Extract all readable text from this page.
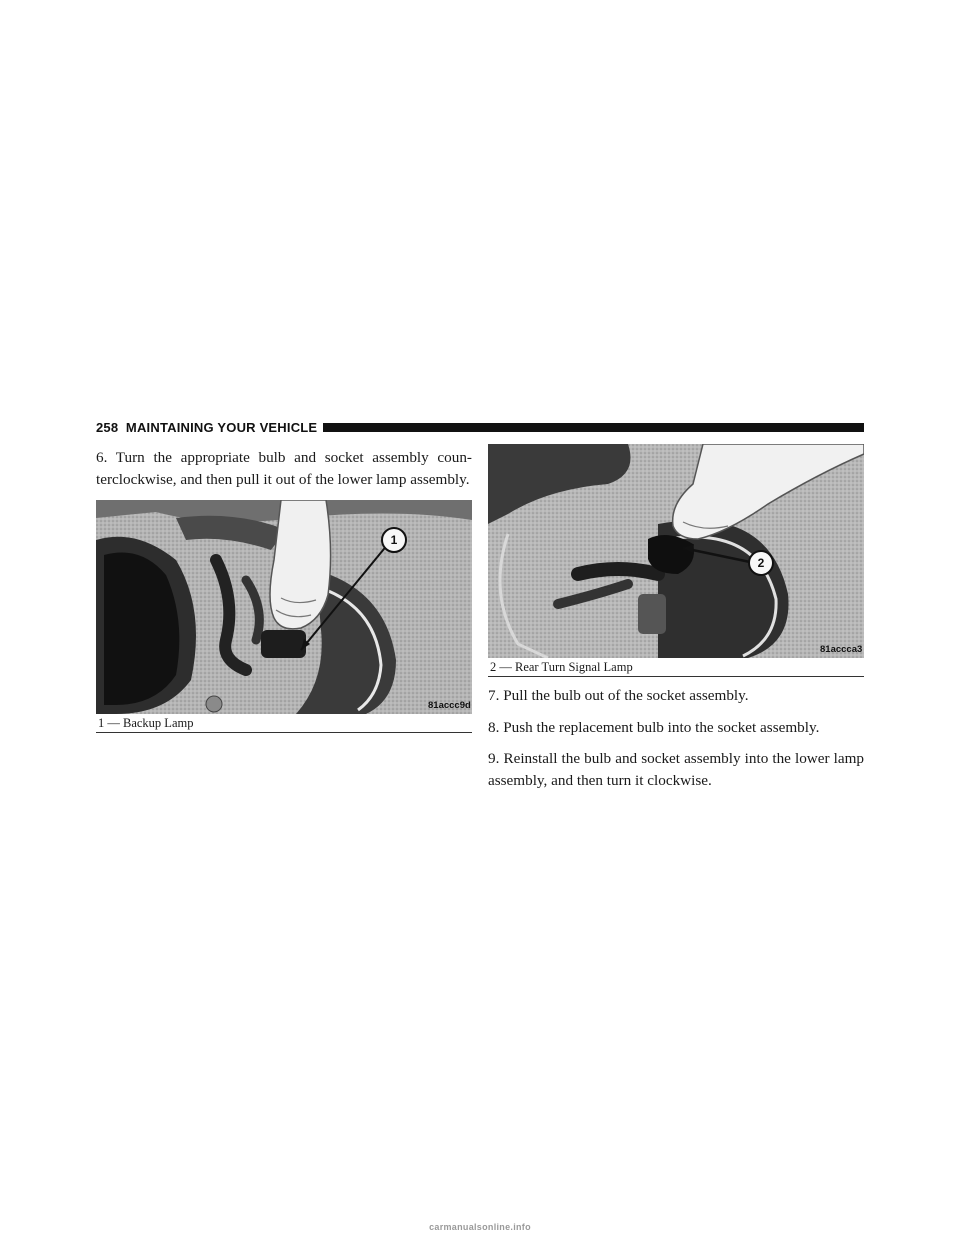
258 MAINTAINING YOUR VEHICLE

6. Turn the appropriate bulb and socket assembly coun- terclockwise, and then pull it out of the lower lamp assembly.

1
81accc9d
1 — Backup Lamp
2
81accca3
2 — Rear Turn Signal Lamp

7. Pull the bulb out of the socket assembly.

8. Push the replacement bulb into the socket assembly.

9. Reinstall the bulb and socket assembly into the lower lamp assembly, and then turn it clockwise.

carmanualsonline.info
